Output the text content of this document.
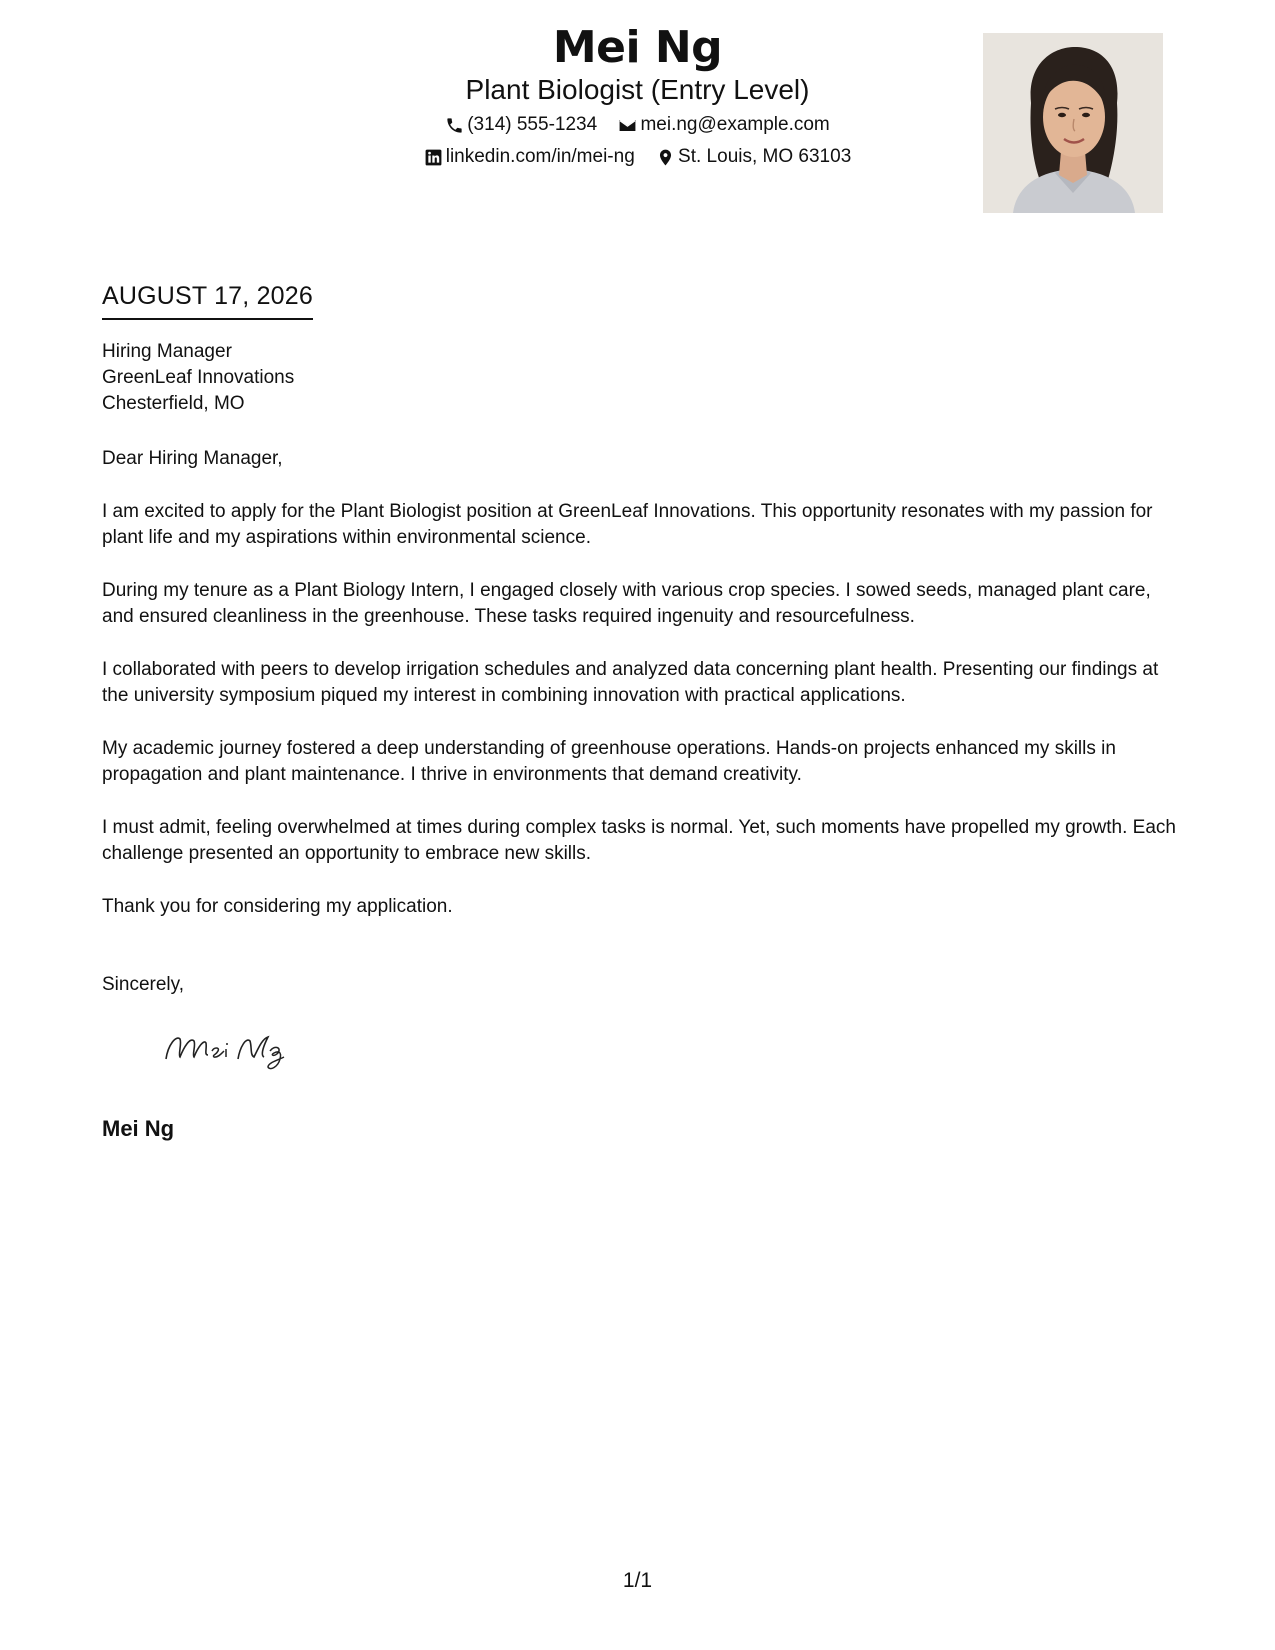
Mei Ng
Plant Biologist (Entry Level)
(314) 555-1234
mei.ng@example.com
linkedin.com/in/mei-ng
St. Louis, MO 63103
AUGUST 17, 2026
Hiring Manager
GreenLeaf Innovations
Chesterfield, MO
Dear Hiring Manager,

I am excited to apply for the Plant Biologist position at GreenLeaf Innovations. This opportunity resonates with my passion for plant life and my aspirations within environmental science.

During my tenure as a Plant Biology Intern, I engaged closely with various crop species. I sowed seeds, managed plant care, and ensured cleanliness in the greenhouse. These tasks required ingenuity and resourcefulness.

I collaborated with peers to develop irrigation schedules and analyzed data concerning plant health. Presenting our findings at the university symposium piqued my interest in combining innovation with practical applications.

My academic journey fostered a deep understanding of greenhouse operations. Hands-on projects enhanced my skills in propagation and plant maintenance. I thrive in environments that demand creativity.

I must admit, feeling overwhelmed at times during complex tasks is normal. Yet, such moments have propelled my growth. Each challenge presented an opportunity to embrace new skills.

Thank you for considering my application.

Sincerely,
Mei Ng
1/1
